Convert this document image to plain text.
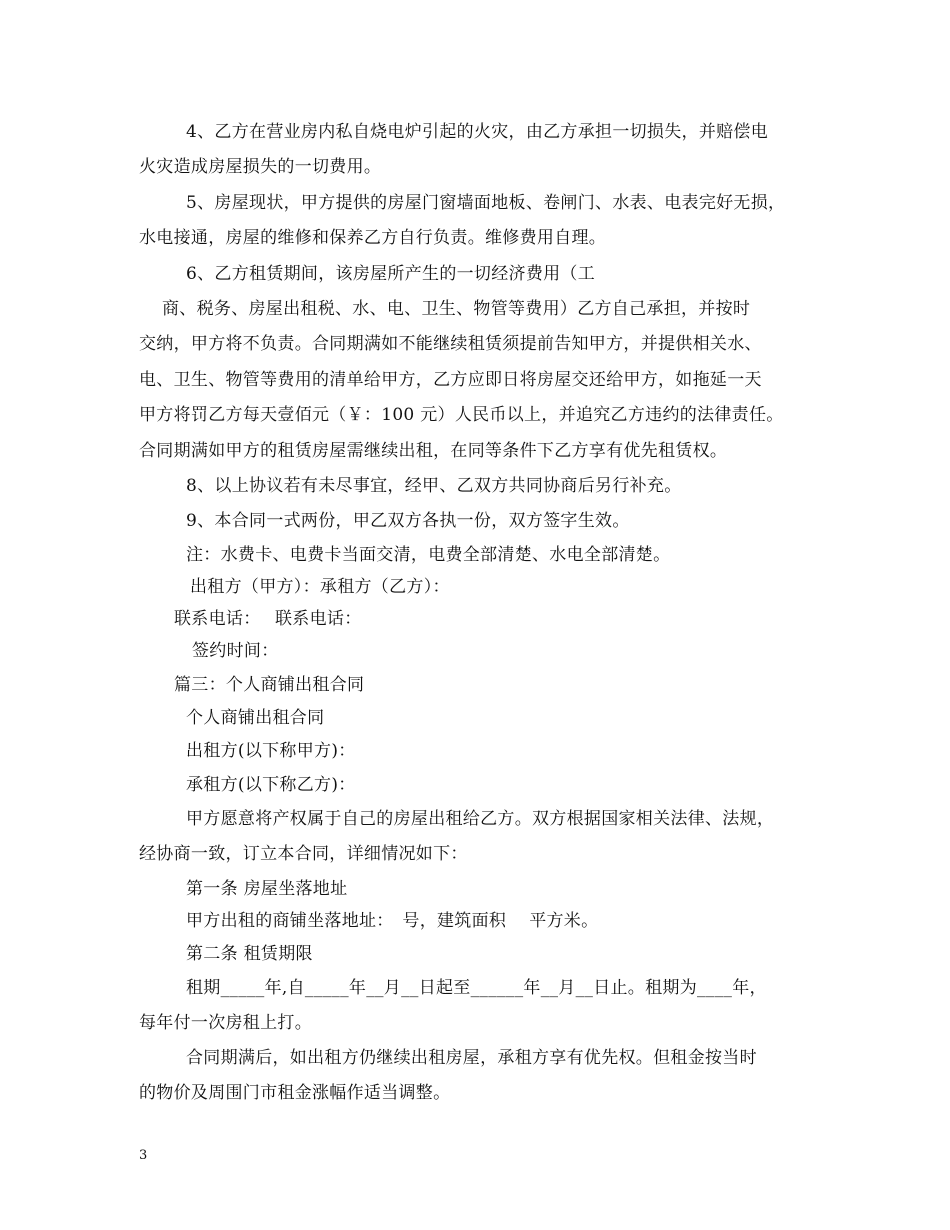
4、乙方在营业房内私自烧电炉引起的火灾，由乙方承担一切损失，并赔偿电
火灾造成房屋损失的一切费用。
5、房屋现状，甲方提供的房屋门窗墙面地板、卷闸门、水表、电表完好无损，
水电接通，房屋的维修和保养乙方自行负责。维修费用自理。
6、乙方租赁期间，该房屋所产生的一切经济费用（工
商、税务、房屋出租税、水、电、卫生、物管等费用）乙方自己承担，并按时
交纳，甲方将不负责。合同期满如不能继续租赁须提前告知甲方，并提供相关水、
电、卫生、物管等费用的清单给甲方，乙方应即日将房屋交还给甲方，如拖延一天
甲方将罚乙方每天壹佰元（￥：100 元）人民币以上，并追究乙方违约的法律责任。
合同期满如甲方的租赁房屋需继续出租，在同等条件下乙方享有优先租赁权。
8、以上协议若有未尽事宜，经甲、乙双方共同协商后另行补充。
9、本合同一式两份，甲乙双方各执一份，双方签字生效。
注：水费卡、电费卡当面交清，电费全部清楚、水电全部清楚。
出租方（甲方）：承租方（乙方）：
联系电话：　 联系电话：
签约时间：
篇三：个人商铺出租合同
个人商铺出租合同
出租方(以下称甲方)：
承租方(以下称乙方)：
甲方愿意将产权属于自己的房屋出租给乙方。双方根据国家相关法律、法规，
经协商一致，订立本合同，详细情况如下：
第一条 房屋坐落地址
甲方出租的商铺坐落地址：　号，建筑面积　 平方米。
第二条 租赁期限
租期_____年,自_____年__月__日起至______年__月__日止。租期为____年，
每年付一次房租上打。
合同期满后，如出租方仍继续出租房屋，承租方享有优先权。但租金按当时
的物价及周围门市租金涨幅作适当调整。
3
